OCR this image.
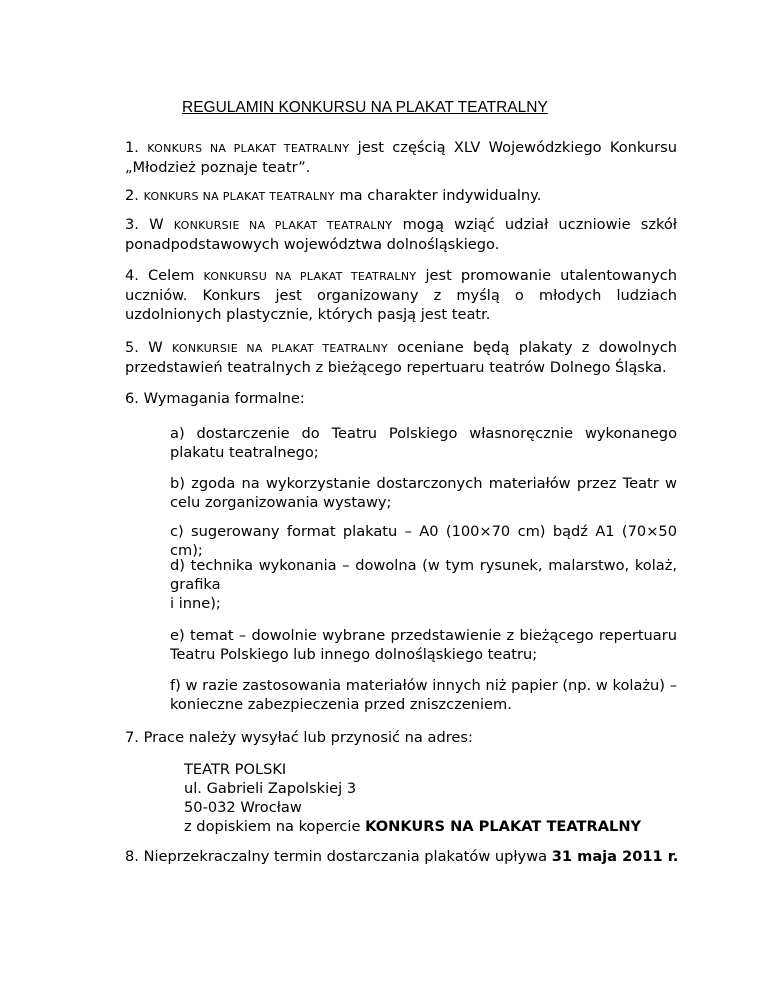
REGULAMIN KONKURSU NA PLAKAT TEATRALNY

1. KONKURS NA PLAKAT TEATRALNY jest częścią XLV Wojewódzkiego Konkursu „Młodzież poznaje teatr”.

2. KONKURS NA PLAKAT TEATRALNY ma charakter indywidualny.

3. W KONKURSIE NA PLAKAT TEATRALNY mogą wziąć udział uczniowie szkół ponadpodstawowych województwa dolnośląskiego.

4. Celem KONKURSU NA PLAKAT TEATRALNY jest promowanie utalentowanych uczniów. Konkurs jest organizowany z myślą o młodych ludziach uzdolnionych plastycznie, których pasją jest teatr.

5. W KONKURSIE NA PLAKAT TEATRALNY oceniane będą plakaty z dowolnych przedstawień teatralnych z bieżącego repertuaru teatrów Dolnego Śląska.

6. Wymagania formalne:

a) dostarczenie do Teatru Polskiego własnoręcznie wykonanego plakatu teatralnego;

b) zgoda na wykorzystanie dostarczonych materiałów przez Teatr w celu zorganizowania wystawy;

c) sugerowany format plakatu – A0 (100×70 cm) bądź A1 (70×50 cm);

d) technika wykonania – dowolna (w tym rysunek, malarstwo, kolaż, grafika
i inne);

e) temat – dowolnie wybrane przedstawienie z bieżącego repertuaru Teatru Polskiego lub innego dolnośląskiego teatru;

f) w razie zastosowania materiałów innych niż papier (np. w kolażu) – konieczne zabezpieczenia przed zniszczeniem.

7. Prace należy wysyłać lub przynosić na adres:

TEATR POLSKI
ul. Gabrieli Zapolskiej 3
50-032 Wrocław
z dopiskiem na kopercie KONKURS NA PLAKAT TEATRALNY

8. Nieprzekraczalny termin dostarczania plakatów upływa 31 maja 2011 r.
